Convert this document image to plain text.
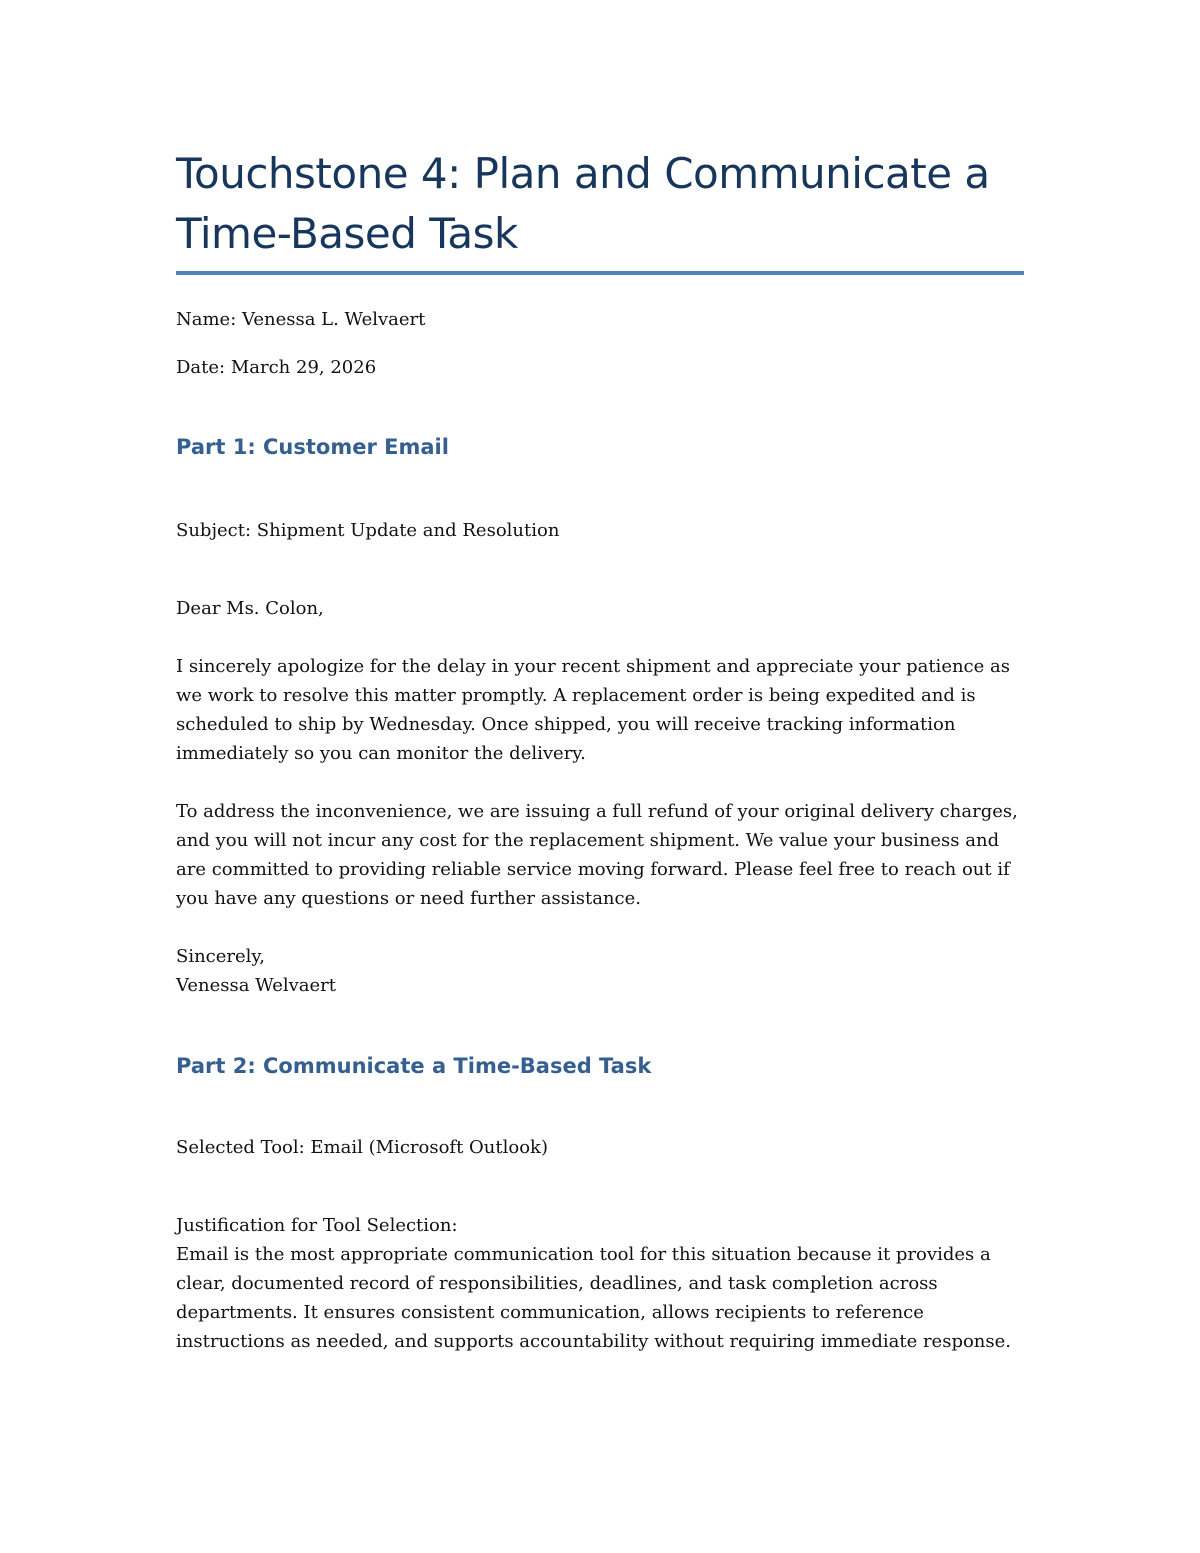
Touchstone 4: Plan and Communicate a
Time-Based Task

Name: Venessa L. Welvaert

Date: March 29, 2026

Part 1: Customer Email

Subject: Shipment Update and Resolution

Dear Ms. Colon,

I sincerely apologize for the delay in your recent shipment and appreciate your patience as
we work to resolve this matter promptly. A replacement order is being expedited and is
scheduled to ship by Wednesday. Once shipped, you will receive tracking information
immediately so you can monitor the delivery.

To address the inconvenience, we are issuing a full refund of your original delivery charges,
and you will not incur any cost for the replacement shipment. We value your business and
are committed to providing reliable service moving forward. Please feel free to reach out if
you have any questions or need further assistance.

Sincerely,
Venessa Welvaert

Part 2: Communicate a Time-Based Task

Selected Tool: Email (Microsoft Outlook)

Justification for Tool Selection:
Email is the most appropriate communication tool for this situation because it provides a
clear, documented record of responsibilities, deadlines, and task completion across
departments. It ensures consistent communication, allows recipients to reference
instructions as needed, and supports accountability without requiring immediate response.
